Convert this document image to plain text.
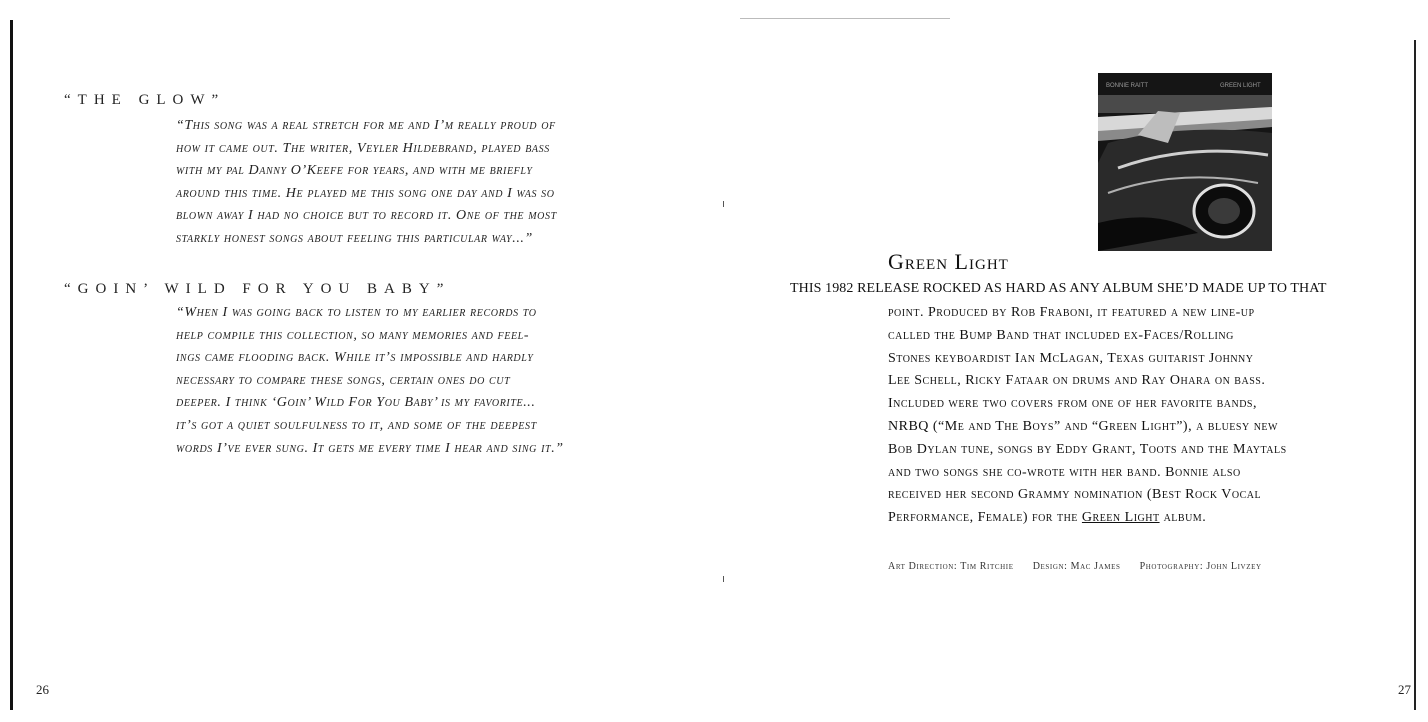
“THE GLOW”

“This song was a real stretch for me and I’m really proud of
how it came out. The writer, Veyler Hildebrand, played bass
with my pal Danny O’Keefe for years, and with me briefly
around this time. He played me this song one day and I was so
blown away I had no choice but to record it. One of the most
starkly honest songs about feeling this particular way...”

“GOIN’ WILD FOR YOU BABY”

“When I was going back to listen to my earlier records to
help compile this collection, so many memories and feel-
ings came flooding back. While it’s impossible and hardly
necessary to compare these songs, certain ones do cut
deeper. I think ‘Goin’ Wild For You Baby’ is my favorite...
it’s got a quiet soulfulness to it, and some of the deepest
words I’ve ever sung. It gets me every time I hear and sing it.”

26
BONNIE RAITT	GREEN LIGHT
Green Light
THIS 1982 RELEASE ROCKED AS HARD AS ANY ALBUM SHE’D MADE UP TO THAT

point. Produced by Rob Fraboni, it featured a new line-up
called the Bump Band that included ex-Faces/Rolling
Stones keyboardist Ian McLagan, Texas guitarist Johnny
Lee Schell, Ricky Fataar on drums and Ray Ohara on bass.
Included were two covers from one of her favorite bands,
NRBQ (“Me and The Boys” and “Green Light”), a bluesy new
Bob Dylan tune, songs by Eddy Grant, Toots and the Maytals
and two songs she co-wrote with her band. Bonnie also
received her second Grammy nomination (Best Rock Vocal
Performance, Female) for the Green Light album.

Art Direction: Tim Ritchie Design: Mac James Photography: John Livzey
27
